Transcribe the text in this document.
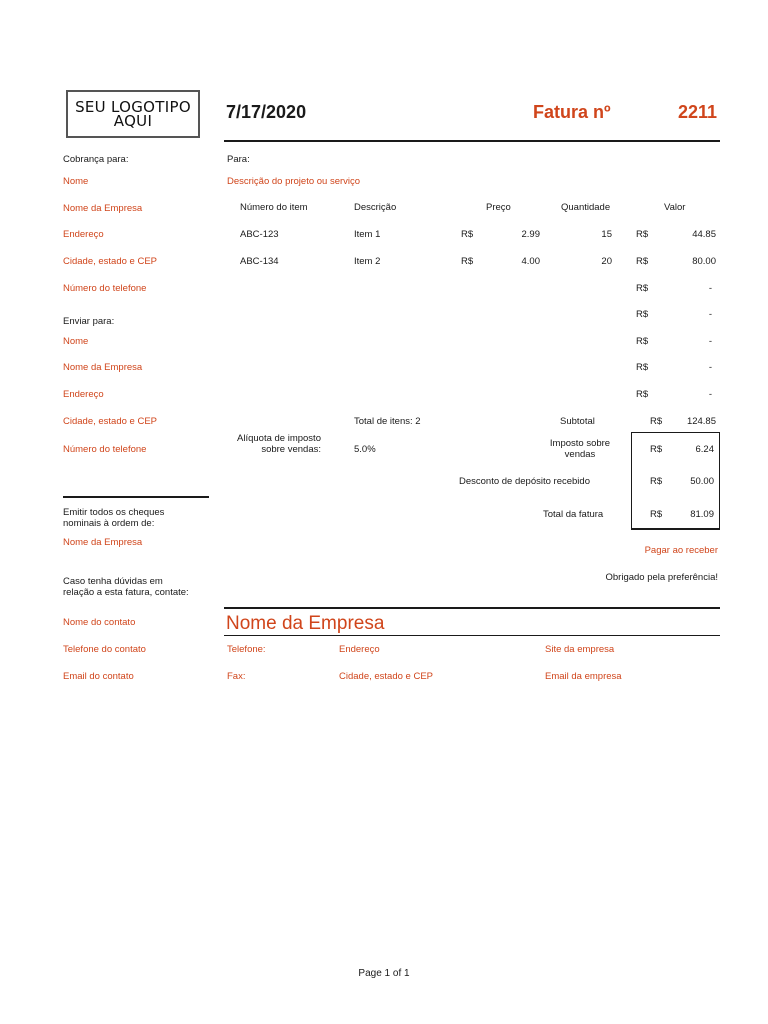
SEU LOGOTIPO
AQUI	7/17/2020	Fatura nº	2211
Cobrança para:
Nome
Nome da Empresa
Endereço
Cidade, estado e CEP
Número do telefone
Enviar para:
Nome
Nome da Empresa
Endereço
Cidade, estado e CEP
Número do telefone
Para:
Descrição do projeto ou serviço
Número do item	Descrição	Preço	Quantidade	Valor
ABC-123	Item 1	R$	2.99	15	R$	44.85
ABC-134	Item 2	R$	4.00	20	R$	80.00
R$	-
R$	-
R$	-
R$	-
R$	-
Total de itens: 2	Subtotal	R$	124.85
Alíquota de imposto sobre vendas:	5.0%
Imposto sobre vendas	R$	6.24
Desconto de depósito recebido	R$	50.00
Total da fatura	R$	81.09
Emitir todos os cheques nominais à ordem de:
Nome da Empresa
Caso tenha dúvidas em relação a esta fatura, contate:
Nome do contato
Telefone do contato
Email do contato
Pagar ao receber
Obrigado pela preferência!
Nome da Empresa
Telefone:	Endereço	Site da empresa
Fax:	Cidade, estado e CEP	Email da empresa
Page 1 of 1
